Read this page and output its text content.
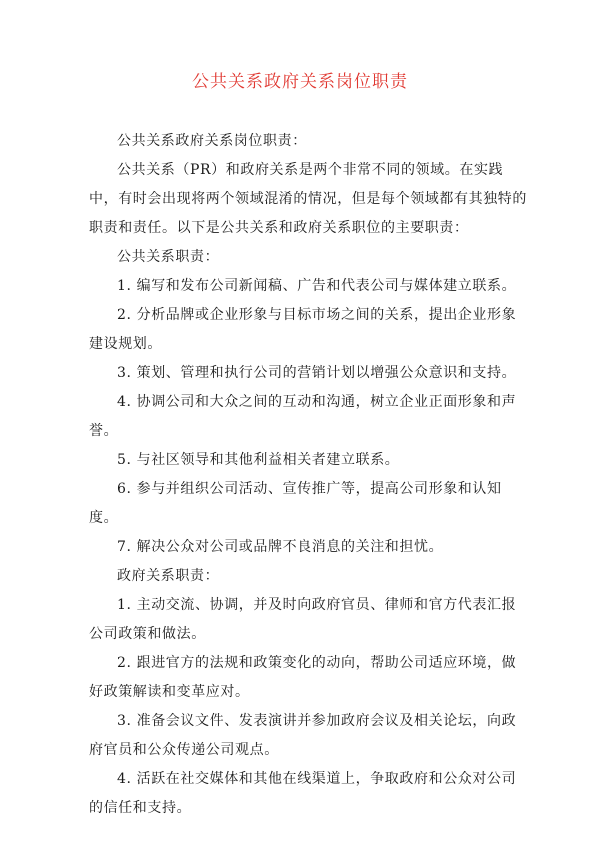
公共关系政府关系岗位职责

公共关系政府关系岗位职责：

公共关系（PR）和政府关系是两个非常不同的领域。在实践中，有时会出现将两个领域混淆的情况，但是每个领域都有其独特的职责和责任。以下是公共关系和政府关系职位的主要职责：

公共关系职责：

1. 编写和发布公司新闻稿、广告和代表公司与媒体建立联系。

2. 分析品牌或企业形象与目标市场之间的关系，提出企业形象建设规划。

3. 策划、管理和执行公司的营销计划以增强公众意识和支持。

4. 协调公司和大众之间的互动和沟通，树立企业正面形象和声誉。

5. 与社区领导和其他利益相关者建立联系。

6. 参与并组织公司活动、宣传推广等，提高公司形象和认知度。

7. 解决公众对公司或品牌不良消息的关注和担忧。

政府关系职责：

1. 主动交流、协调，并及时向政府官员、律师和官方代表汇报公司政策和做法。

2. 跟进官方的法规和政策变化的动向，帮助公司适应环境，做好政策解读和变革应对。

3. 准备会议文件、发表演讲并参加政府会议及相关论坛，向政府官员和公众传递公司观点。

4. 活跃在社交媒体和其他在线渠道上，争取政府和公众对公司的信任和支持。
